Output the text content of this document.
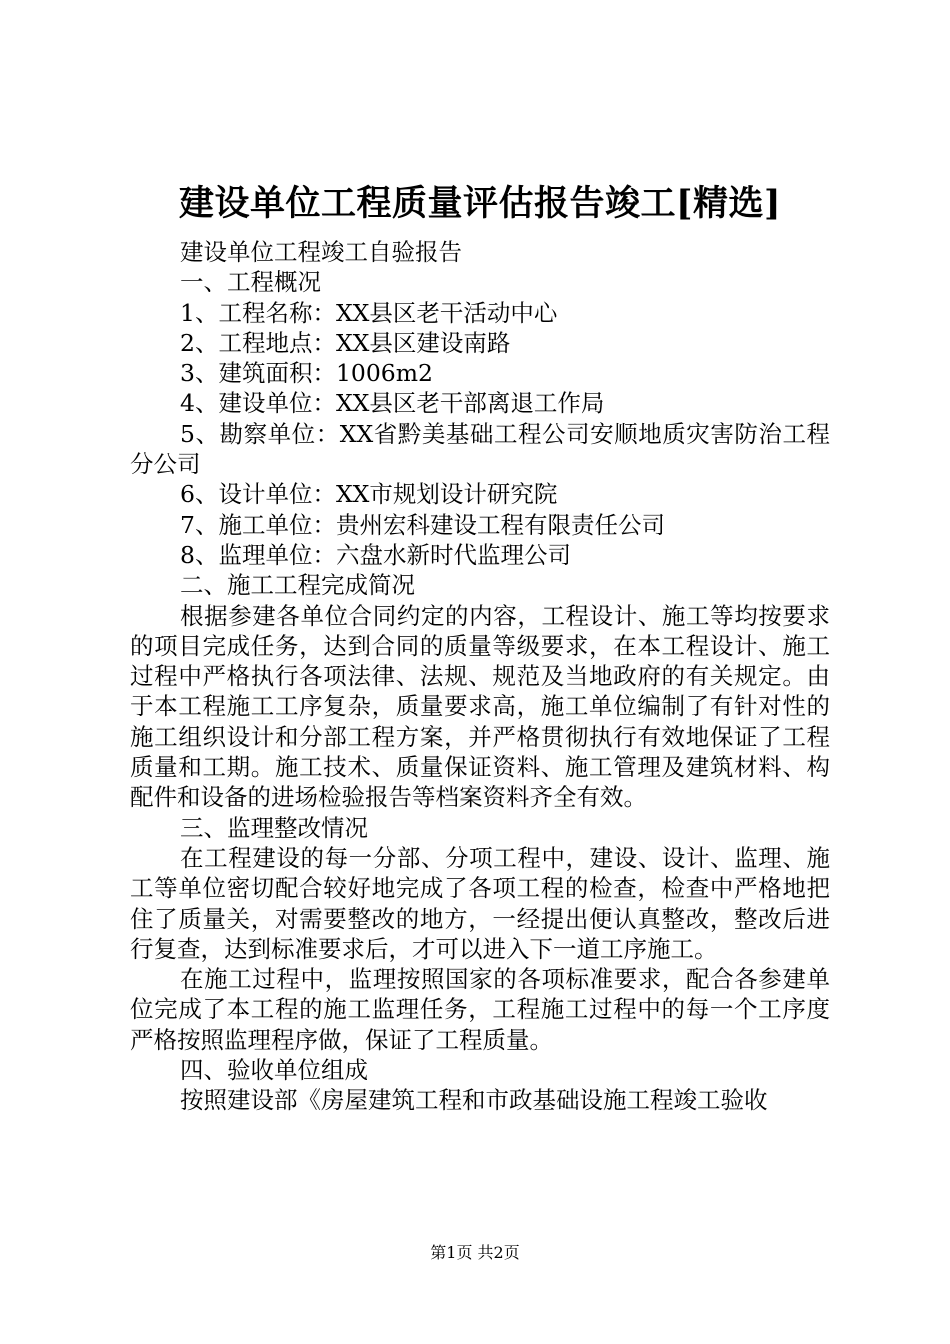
建设单位工程质量评估报告竣工[精选]

建设单位工程竣工自验报告

一、工程概况

1、工程名称：XX县区老干活动中心

2、工程地点：XX县区建设南路

3、建筑面积：1006m2

4、建设单位：XX县区老干部离退工作局

5、勘察单位：XX省黔美基础工程公司安顺地质灾害防治工程分公司

6、设计单位：XX市规划设计研究院

7、施工单位：贵州宏科建设工程有限责任公司

8、监理单位：六盘水新时代监理公司

二、施工工程完成简况

根据参建各单位合同约定的内容，工程设计、施工等均按要求的项目完成任务，达到合同的质量等级要求，在本工程设计、施工过程中严格执行各项法律、法规、规范及当地政府的有关规定。由于本工程施工工序复杂，质量要求高，施工单位编制了有针对性的施工组织设计和分部工程方案，并严格贯彻执行有效地保证了工程质量和工期。施工技术、质量保证资料、施工管理及建筑材料、构配件和设备的进场检验报告等档案资料齐全有效。

三、监理整改情况

在工程建设的每一分部、分项工程中，建设、设计、监理、施工等单位密切配合较好地完成了各项工程的检查，检查中严格地把住了质量关，对需要整改的地方，一经提出便认真整改，整改后进行复查，达到标准要求后，才可以进入下一道工序施工。

在施工过程中，监理按照国家的各项标准要求，配合各参建单位完成了本工程的施工监理任务，工程施工过程中的每一个工序度严格按照监理程序做，保证了工程质量。

四、验收单位组成

按照建设部《房屋建筑工程和市政基础设施工程竣工验收

第1页 共2页
